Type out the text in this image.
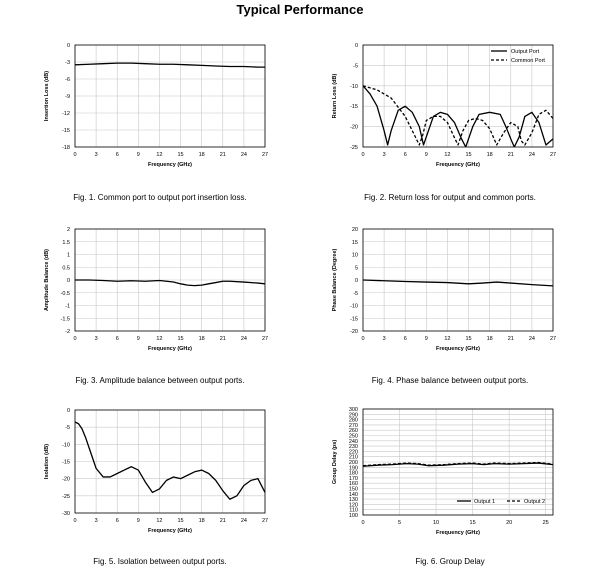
Typical Performance
0
-3
-6
-9
-12
-15
-18
0	3	6	9	12	15	18	21	24	27
Frequency (GHz)
Insertion Loss (dB)
0
-5
-10
-15
-20
-25
0	3	6	9	12	15	18	21	24	27
Frequency (GHz)
Return Loss (dB)
Output Port
Common Port
2
1.5
1
0.5
0
-0.5
-1
-1.5
-2
0	3	6	9	12	15	18	21	24	27
Frequency (GHz)
Amplitude Balance (dB)
20
15
10
5
0
-5
-10
-15
-20
0	3	6	9	12	15	18	21	24	27
Frequency (GHz)
Phase Balance (Degree)
0
-5
-10
-15
-20
-25
-30
0	3	6	9	12	15	18	21	24	27
Frequency (GHz)
Isolation (dB)
300
290
280
270
260
250
240
230
220
210
200
190
180
170
160
150
140
130
120
110
100
0	5	10	15	20	25
Frequency (GHz)
Group Delay (ps)
Output 1	Output 2
Fig. 1. Common port to output port insertion loss.	Fig. 2. Return loss for output and common ports.
Fig. 3. Amplitude balance between output ports.	Fig. 4. Phase balance between output ports.
Fig. 5. Isolation between output ports.	Fig. 6. Group Delay
